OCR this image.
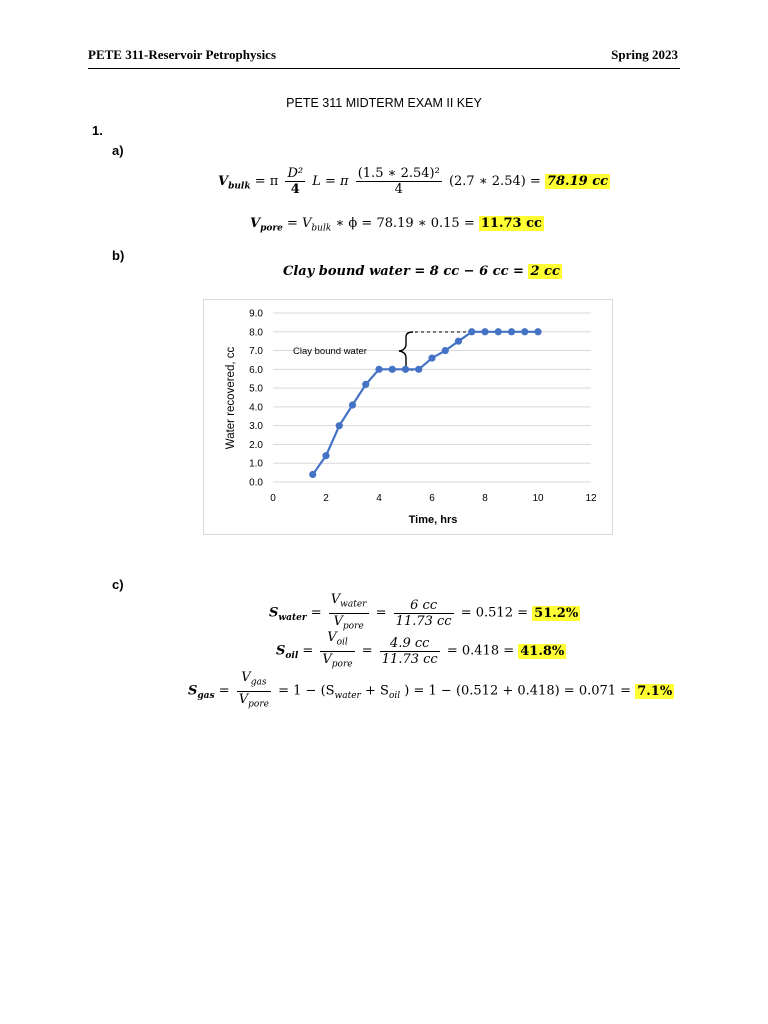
PETE 311-Reservoir Petrophysics	Spring 2023
PETE 311 MIDTERM EXAM II KEY
1.
a)
b)
c)
$V_{bulk} = \pi \frac{\text{D²}}{4}$ L = π $\frac{\text{(1.5 ∗ 2.54)²}}{4} (2.7$ ∗ 2.54) = 78.19 cc
$V_{pore} = V_{bulk}$ ∗ ϕ = 78.19 ∗ 0.15 = 11.73 cc
Clay bound water = 8 cc − 6 cc = 2 cc
0.0
1.0
2.0
3.0
4.0
5.0
6.0
7.0
8.0
9.0
0	2	4	6	8	10	12
Clay bound water
Water recovered, cc
Time, hrs
$S_{water} = \frac{V_{water}}{V_{pore}} = \frac{6 cc}{11.73 cc} = 0.512 = 51.2\%$
$S_{oil} = \frac{V_{oil}}{V_{pore}} = \frac{4.9 cc}{11.73 cc} = 0.418 = 41.8\%$
$S_{gas} = \frac{V_{gas}}{V_{pore}} = 1 - (S_{water} + S_{oil}$ ) = 1 − (0.512 + 0.418) = 0.071 = 7.1%
